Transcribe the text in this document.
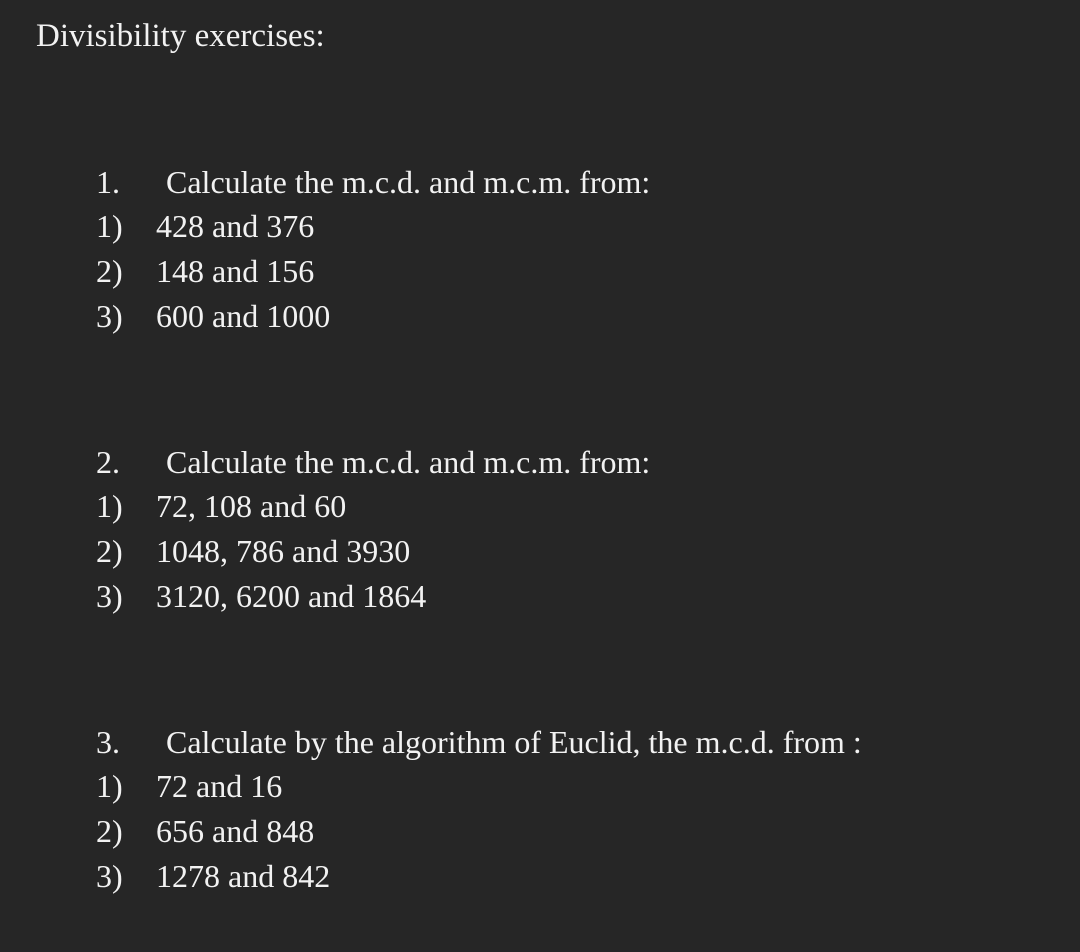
Divisibility exercises:
1. Calculate the m.c.d. and m.c.m. from:
1) 428 and 376
2) 148 and 156
3) 600 and 1000
2. Calculate the m.c.d. and m.c.m. from:
1) 72, 108 and 60
2) 1048, 786 and 3930
3) 3120, 6200 and 1864
3. Calculate by the algorithm of Euclid, the m.c.d. from :
1) 72 and 16
2) 656 and 848
3) 1278 and 842
